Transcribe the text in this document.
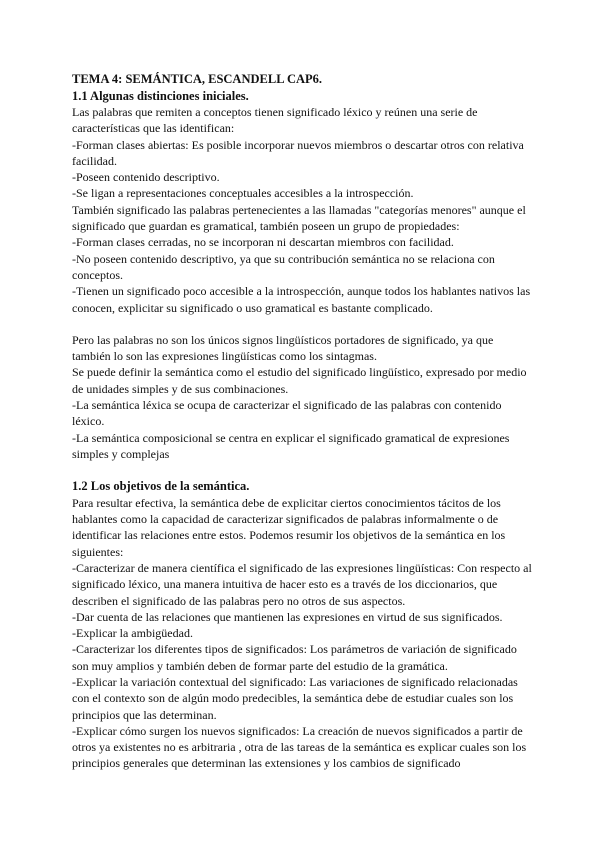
TEMA 4: SEMÁNTICA, ESCANDELL CAP6.

1.1 Algunas distinciones iniciales.

Las palabras que remiten a conceptos tienen significado léxico y reúnen una serie de características que las identifican:

-Forman clases abiertas: Es posible incorporar nuevos miembros o descartar otros con relativa facilidad.

-Poseen contenido descriptivo.

-Se ligan a representaciones conceptuales accesibles a la introspección.

También significado las palabras pertenecientes a las llamadas "categorías menores" aunque el significado que guardan es gramatical, también poseen un grupo de propiedades:

-Forman clases cerradas, no se incorporan ni descartan miembros con facilidad.

-No poseen contenido descriptivo, ya que su contribución semántica no se relaciona con conceptos.

-Tienen un significado poco accesible a la introspección, aunque todos los hablantes nativos las conocen, explicitar su significado o uso gramatical es bastante complicado.

Pero las palabras no son los únicos signos lingüísticos portadores de significado, ya que también lo son las expresiones lingüísticas como los sintagmas.

Se puede definir la semántica como el estudio del significado lingüístico, expresado por medio de unidades simples y de sus combinaciones.

-La semántica léxica se ocupa de caracterizar el significado de las palabras con contenido léxico.

-La semántica composicional se centra en explicar el significado gramatical de expresiones simples y complejas

1.2 Los objetivos de la semántica.

Para resultar efectiva, la semántica debe de explicitar ciertos conocimientos tácitos de los hablantes como la capacidad de caracterizar significados de palabras informalmente o de identificar las relaciones entre estos. Podemos resumir los objetivos de la semántica en los siguientes:

-Caracterizar de manera científica el significado de las expresiones lingüísticas: Con respecto al significado léxico, una manera intuitiva de hacer esto es a través de los diccionarios, que describen el significado de las palabras pero no otros de sus aspectos.

-Dar cuenta de las relaciones que mantienen las expresiones en virtud de sus significados.

-Explicar la ambigüedad.

-Caracterizar los diferentes tipos de significados: Los parámetros de variación de significado son muy amplios y también deben de formar parte del estudio de la gramática.

-Explicar la variación contextual del significado: Las variaciones de significado relacionadas con el contexto son de algún modo predecibles, la semántica debe de estudiar cuales son los principios que las determinan.

-Explicar cómo surgen los nuevos significados: La creación de nuevos significados a partir de otros ya existentes no es arbitraria , otra de las tareas de la semántica es explicar cuales son los principios generales que determinan las extensiones y los cambios de significado
